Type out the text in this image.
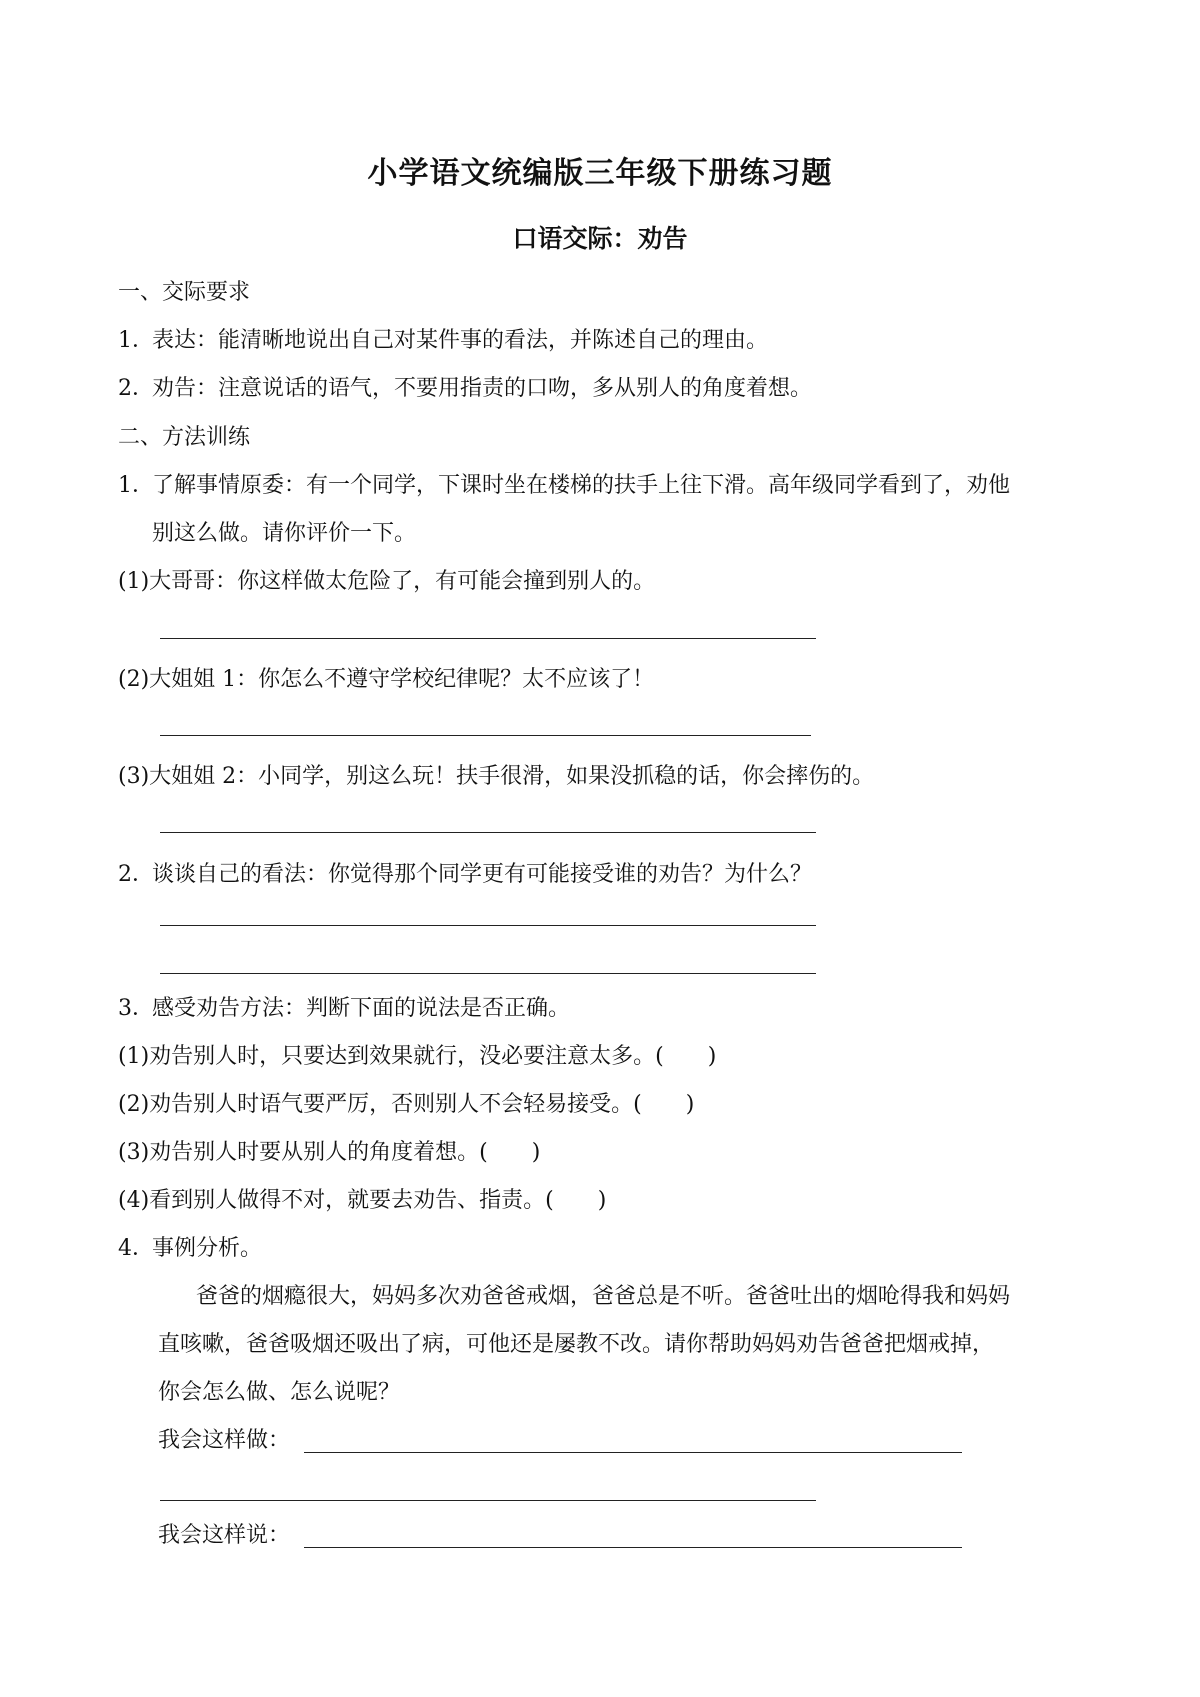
小学语文统编版三年级下册练习题
口语交际：劝告
一、交际要求
1．表达：能清晰地说出自己对某件事的看法，并陈述自己的理由。
2．劝告：注意说话的语气，不要用指责的口吻，多从别人的角度着想。
二、方法训练
1．了解事情原委：有一个同学，下课时坐在楼梯的扶手上往下滑。高年级同学看到了，劝他
别这么做。请你评价一下。
(1)大哥哥：你这样做太危险了，有可能会撞到别人的。
(2)大姐姐 1：你怎么不遵守学校纪律呢？太不应该了！
(3)大姐姐 2：小同学，别这么玩！扶手很滑，如果没抓稳的话，你会摔伤的。
2．谈谈自己的看法：你觉得那个同学更有可能接受谁的劝告？为什么？
3．感受劝告方法：判断下面的说法是否正确。
(1)劝告别人时，只要达到效果就行，没必要注意太多。(　　)
(2)劝告别人时语气要严厉，否则别人不会轻易接受。(　　)
(3)劝告别人时要从别人的角度着想。(　　)
(4)看到别人做得不对，就要去劝告、指责。(　　)
4．事例分析。
爸爸的烟瘾很大，妈妈多次劝爸爸戒烟，爸爸总是不听。爸爸吐出的烟呛得我和妈妈
直咳嗽，爸爸吸烟还吸出了病，可他还是屡教不改。请你帮助妈妈劝告爸爸把烟戒掉，
你会怎么做、怎么说呢？
我会这样做：
我会这样说：
